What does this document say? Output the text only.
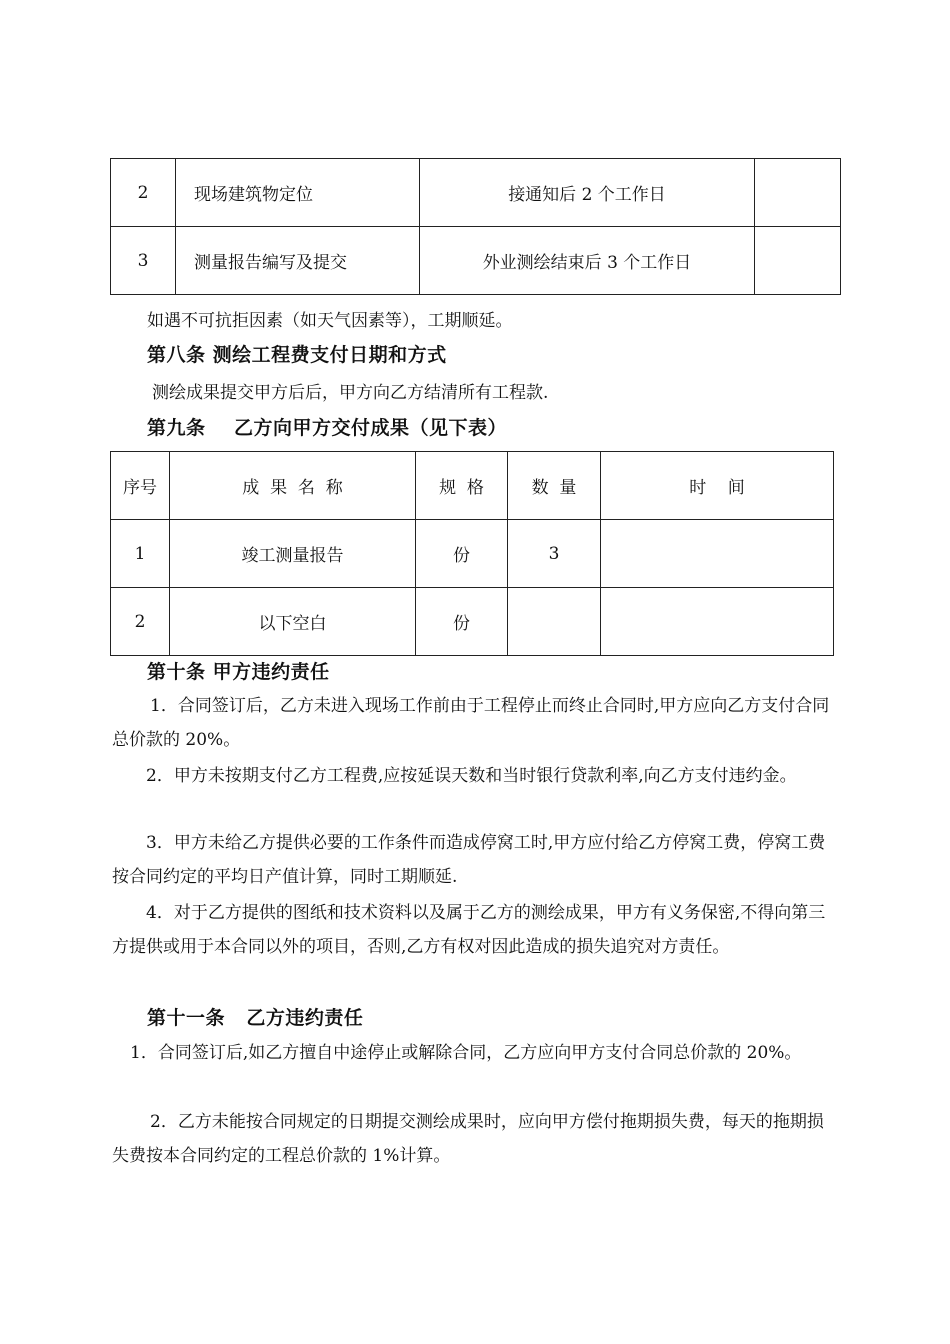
2	现场建筑物定位	接通知后 2 个工作日	
3	测量报告编写及提交	外业测绘结束后 3 个工作日	
如遇不可抗拒因素（如天气因素等），工期顺延。
第八条 测绘工程费支付日期和方式
测绘成果提交甲方后后，甲方向乙方结清所有工程款.
第九条    乙方向甲方交付成果（见下表）
序号	成  果  名  称	规  格	数  量	时    间
1	竣工测量报告	份	3	
2	以下空白	份		
第十条 甲方违约责任
1．合同签订后，乙方未进入现场工作前由于工程停止而终止合同时,甲方应向乙方支付合同总价款的 20%。
2．甲方未按期支付乙方工程费,应按延误天数和当时银行贷款利率,向乙方支付违约金。
3．甲方未给乙方提供必要的工作条件而造成停窝工时,甲方应付给乙方停窝工费，停窝工费按合同约定的平均日产值计算，同时工期顺延.
4．对于乙方提供的图纸和技术资料以及属于乙方的测绘成果，甲方有义务保密,不得向第三方提供或用于本合同以外的项目，否则,乙方有权对因此造成的损失追究对方责任。
第十一条   乙方违约责任
1．合同签订后,如乙方擅自中途停止或解除合同，乙方应向甲方支付合同总价款的 20%。
2．乙方未能按合同规定的日期提交测绘成果时，应向甲方偿付拖期损失费，每天的拖期损失费按本合同约定的工程总价款的 1%计算。
